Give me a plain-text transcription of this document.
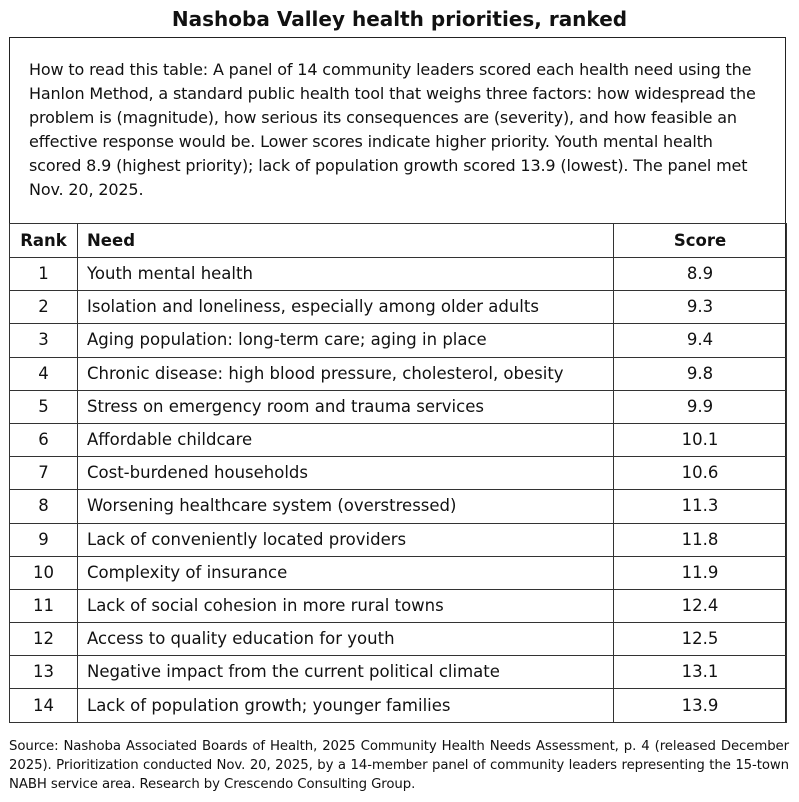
Nashoba Valley health priorities, ranked
How to read this table: A panel of 14 community leaders scored each health need using the Hanlon Method, a standard public health tool that weighs three factors: how widespread the problem is (magnitude), how serious its consequences are (severity), and how feasible an effective response would be. Lower scores indicate higher priority. Youth mental health scored 8.9 (highest priority); lack of population growth scored 13.9 (lowest). The panel met Nov. 20, 2025.
Rank	Need	Score
1	Youth mental health	8.9
2	Isolation and loneliness, especially among older adults	9.3
3	Aging population: long-term care; aging in place	9.4
4	Chronic disease: high blood pressure, cholesterol, obesity	9.8
5	Stress on emergency room and trauma services	9.9
6	Affordable childcare	10.1
7	Cost-burdened households	10.6
8	Worsening healthcare system (overstressed)	11.3
9	Lack of conveniently located providers	11.8
10	Complexity of insurance	11.9
11	Lack of social cohesion in more rural towns	12.4
12	Access to quality education for youth	12.5
13	Negative impact from the current political climate	13.1
14	Lack of population growth; younger families	13.9
Source: Nashoba Associated Boards of Health, 2025 Community Health Needs Assessment, p. 4 (released December 2025). Prioritization conducted Nov. 20, 2025, by a 14-member panel of community leaders representing the 15-town NABH service area. Research by Crescendo Consulting Group.
